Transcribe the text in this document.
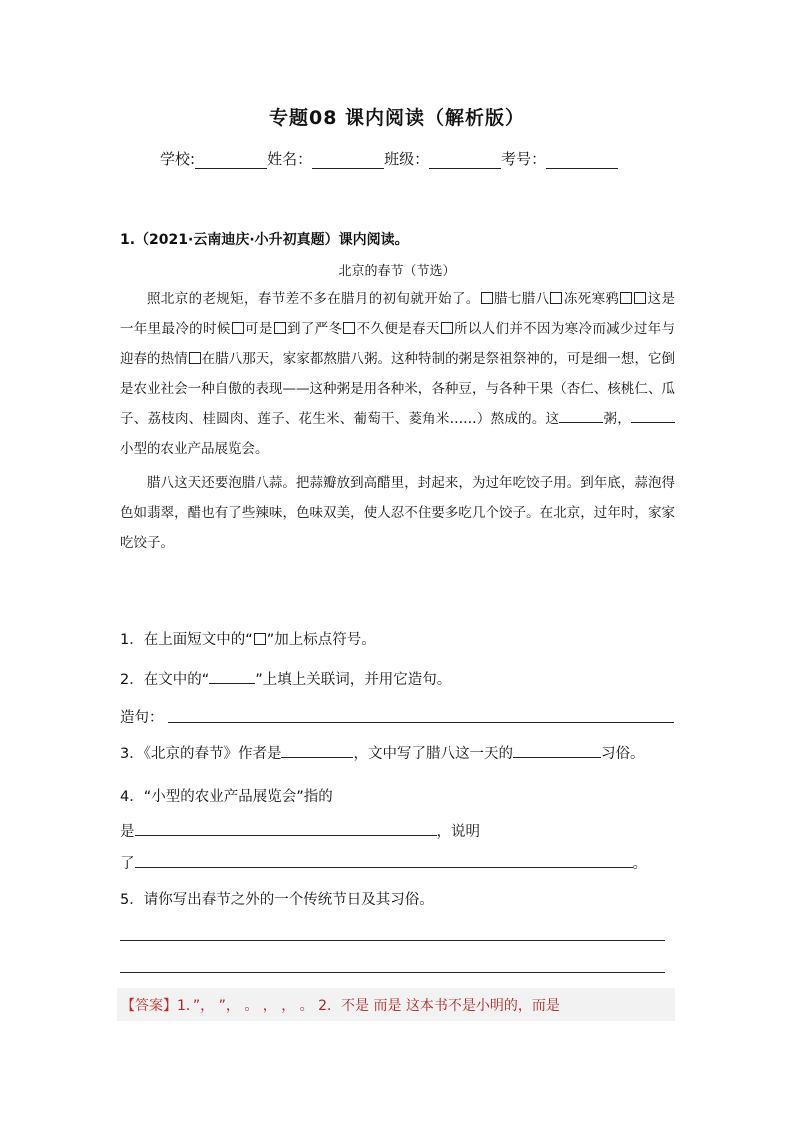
专题08 课内阅读（解析版）
学校:	姓名：	班级：	考号：
1.（2021·云南迪庆·小升初真题）课内阅读。
北京的春节（节选）

照北京的老规矩，春节差不多在腊月的初旬就开始了。 腊七腊八 冻死寒鸦 这是一年里最冷的时候 可是 到了严冬 不久便是春天 所以人们并不因为寒冷而减少过年与迎春的热情 在腊八那天，家家都熬腊八粥。这种特制的粥是祭祖祭神的，可是细一想，它倒是农业社会一种自傲的表现——这种粥是用各种米，各种豆，与各种干果（杏仁、核桃仁、瓜子、荔枝肉、桂圆肉、莲子、花生米、葡萄干、菱角米……）熬成的。这	粥，小型的农业产品展览会。

腊八这天还要泡腊八蒜。把蒜瓣放到高醋里，封起来，为过年吃饺子用。到年底，蒜泡得色如翡翠，醋也有了些辣味，色味双美，使人忍不住要多吃几个饺子。在北京，过年时，家家吃饺子。

1．在上面短文中的“ ”加上标点符号。
2．在文中的“	”上填上关联词，并用它造句。
造句：
3．《北京的春节》作者是	，文中写了腊八这一天的	习俗。
4．“小型的农业产品展览会”指的
是	，说明
了	。
5．请你写出春节之外的一个传统节日及其习俗。
【答案】 1．”， ”， 。 ， ， 。 2．不是 而是 这本书不是小明的，而是
